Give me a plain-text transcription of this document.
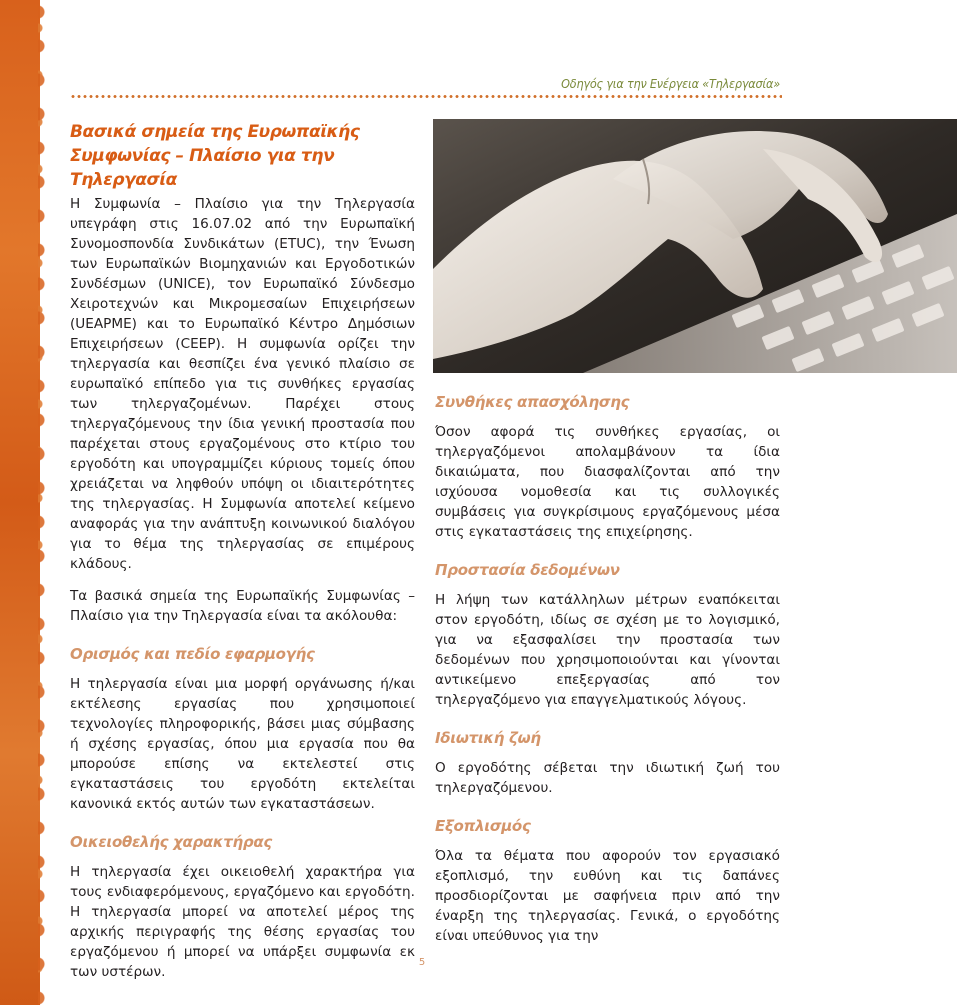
Οδηγός για την Ενέργεια «Τηλεργασία»
Βασικά σημεία της Ευρωπαϊκής
Συμφωνίας – Πλαίσιο για την Τηλεργασία

Η Συμφωνία – Πλαίσιο για την Τηλεργασία υπεγράφη στις 16.07.02 από την Ευρωπαϊκή Συνομοσπονδία Συνδικάτων (ETUC), την Ένωση των Ευρωπαϊκών Βιομηχανιών και Εργοδοτικών Συνδέσμων (UNICE), τον Ευρωπαϊκό Σύνδεσμο Χειροτεχνών και Μικρομεσαίων Επιχειρήσεων (UEAPME) και το Ευρωπαϊκό Κέντρο Δημόσιων Επιχειρήσεων (CEEP). Η συμφωνία ορίζει την τηλεργασία και θεσπίζει ένα γενικό πλαίσιο σε ευρωπαϊκό επίπεδο για τις συνθήκες εργασίας των τηλεργαζομένων. Παρέχει στους τηλεργαζόμενους την ίδια γενική προστασία που παρέχεται στους εργαζομένους στο κτίριο του εργοδότη και υπογραμμίζει κύριους τομείς όπου χρειάζεται να ληφθούν υπόψη οι ιδιαιτερότητες της τηλεργασίας. Η Συμφωνία αποτελεί κείμενο αναφοράς για την ανάπτυξη κοινωνικού διαλόγου για το θέμα της τηλεργασίας σε επιμέρους κλάδους.

Τα βασικά σημεία της Ευρωπαϊκής Συμφωνίας – Πλαίσιο για την Τηλεργασία είναι τα ακόλουθα:

Ορισμός και πεδίο εφαρμογής

Η τηλεργασία είναι μια μορφή οργάνωσης ή/και εκτέλεσης εργασίας που χρησιμοποιεί τεχνολογίες πληροφορικής, βάσει μιας σύμβασης ή σχέσης εργασίας, όπου μια εργασία που θα μπορούσε επίσης να εκτελεστεί στις εγκαταστάσεις του εργοδότη εκτελείται κανονικά εκτός αυτών των εγκαταστάσεων.

Οικειοθελής χαρακτήρας

Η τηλεργασία έχει οικειοθελή χαρακτήρα για τους ενδιαφερόμενους, εργαζόμενο και εργοδότη. Η τηλεργασία μπορεί να αποτελεί μέρος της αρχικής περιγραφής της θέσης εργασίας του εργαζόμενου ή μπορεί να υπάρξει συμφωνία εκ των υστέρων.

Συνθήκες απασχόλησης

Όσον αφορά τις συνθήκες εργασίας, οι τηλεργαζόμενοι απολαμβάνουν τα ίδια δικαιώματα, που διασφαλίζονται από την ισχύουσα νομοθεσία και τις συλλογικές συμβάσεις για συγκρίσιμους εργαζόμενους μέσα στις εγκαταστάσεις της επιχείρησης.

Προστασία δεδομένων

Η λήψη των κατάλληλων μέτρων εναπόκειται στον εργοδότη, ιδίως σε σχέση με το λογισμικό, για να εξασφαλίσει την προστασία των δεδομένων που χρησιμοποιούνται και γίνονται αντικείμενο επεξεργασίας από τον τηλεργαζόμενο για επαγγελματικούς λόγους.

Ιδιωτική ζωή

Ο εργοδότης σέβεται την ιδιωτική ζωή του τηλεργαζόμενου.

Εξοπλισμός

Όλα τα θέματα που αφορούν τον εργασιακό εξοπλισμό, την ευθύνη και τις δαπάνες προσδιορίζονται με σαφήνεια πριν από την έναρξη της τηλεργασίας. Γενικά, ο εργοδότης είναι υπεύθυνος για την

5
